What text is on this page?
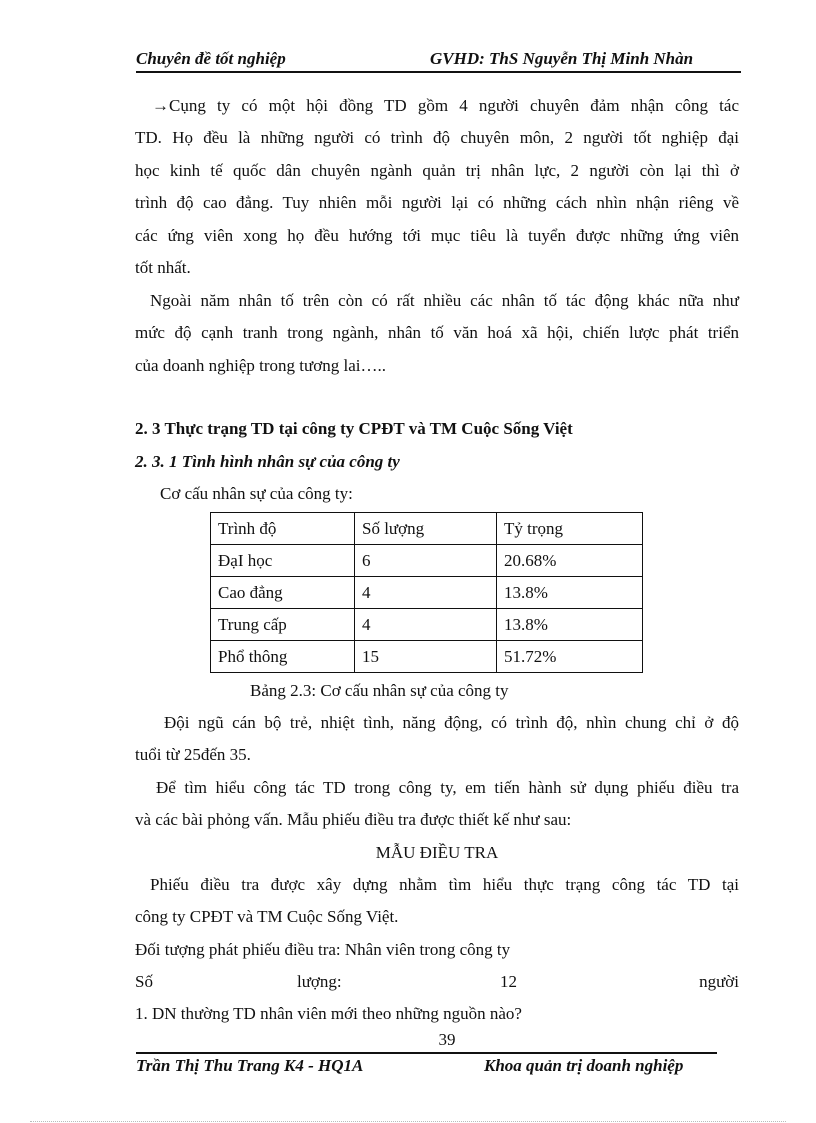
Chuyên đề tốt nghiệp	GVHD: ThS Nguyễn Thị Minh Nhàn
→Cụng ty có một hội đồng TD gồm 4 người chuyên đảm nhận công tác
TD. Họ đều là những người có trình độ chuyên môn, 2 người tốt nghiệp đại
học kinh tế quốc dân chuyên ngành quản trị nhân lực, 2 người còn lại thì ở
trình độ cao đẳng. Tuy nhiên mỗi người lại có những cách nhìn nhận riêng về
các ứng viên xong họ đều hướng tới mục tiêu là tuyển được những ứng viên
tốt nhất.
Ngoài năm nhân tố trên còn có rất nhiều các nhân tố tác động khác nữa như
mức độ cạnh tranh trong ngành, nhân tố văn hoá xã hội, chiến lược phát triển
của doanh nghiệp trong tương lai…..
2. 3 Thực trạng TD tại công ty CPĐT và TM Cuộc Sống Việt
2. 3. 1 Tình hình nhân sự của công ty
Cơ cấu nhân sự của công ty:
Trình độ	Số lượng	Tỷ trọng
ĐạI học	6	20.68%
Cao đẳng	4	13.8%
Trung cấp	4	13.8%
Phổ thông	15	51.72%
Bảng 2.3: Cơ cấu nhân sự của công ty
Đội ngũ cán bộ trẻ, nhiệt tình, năng động, có trình độ, nhìn chung chỉ ở độ
tuổi từ 25đến 35.
Để tìm hiểu công tác TD trong công ty, em tiến hành sử dụng phiếu điều tra
và các bài phỏng vấn. Mẫu phiếu điều tra được thiết kế như sau:
MẪU ĐIỀU TRA
Phiếu điều tra được xây dựng nhằm tìm hiểu thực trạng công tác TD tại
công ty CPĐT và TM Cuộc Sống Việt.
Đối tượng phát phiếu điều tra: Nhân viên trong công ty
Số	lượng:	12	người
1. DN thường TD nhân viên mới theo những nguồn nào?
39
Trần Thị Thu Trang K4 - HQ1A	Khoa quản trị doanh nghiệp
